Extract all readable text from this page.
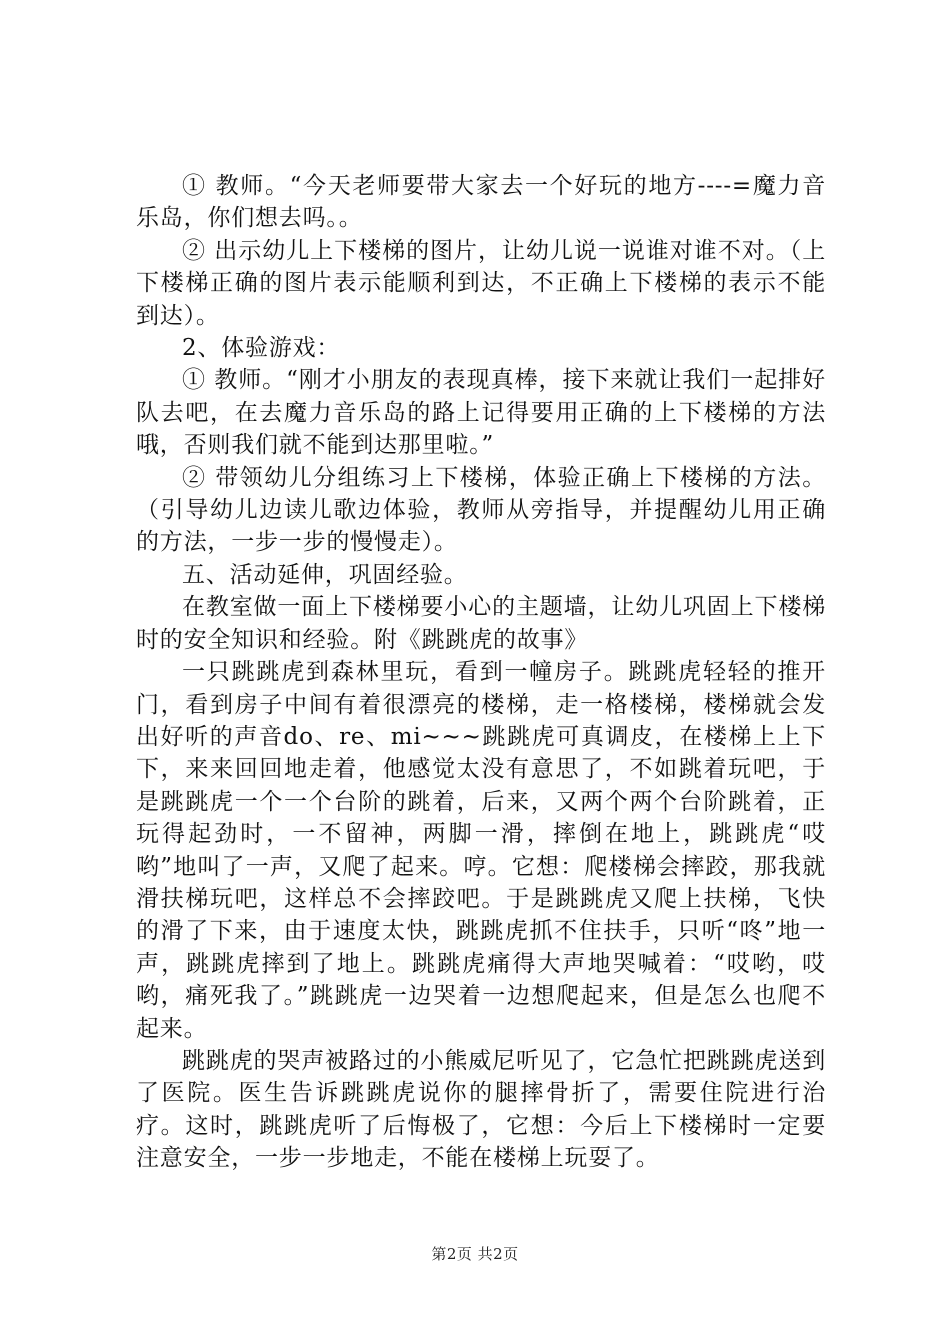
① 教师。“今天老师要带大家去一个好玩的地方----=魔力音乐岛，你们想去吗。。

② 出示幼儿上下楼梯的图片，让幼儿说一说谁对谁不对。（上下楼梯正确的图片表示能顺利到达，不正确上下楼梯的表示不能到达）。

2、体验游戏：

① 教师。“刚才小朋友的表现真棒，接下来就让我们一起排好队去吧，在去魔力音乐岛的路上记得要用正确的上下楼梯的方法哦，否则我们就不能到达那里啦。”

② 带领幼儿分组练习上下楼梯，体验正确上下楼梯的方法。（引导幼儿边读儿歌边体验，教师从旁指导，并提醒幼儿用正确的方法，一步一步的慢慢走）。

五、活动延伸，巩固经验。

在教室做一面上下楼梯要小心的主题墙，让幼儿巩固上下楼梯时的安全知识和经验。附《跳跳虎的故事》

一只跳跳虎到森林里玩，看到一幢房子。跳跳虎轻轻的推开门，看到房子中间有着很漂亮的楼梯，走一格楼梯，楼梯就会发出好听的声音do、re、mi~~~跳跳虎可真调皮，在楼梯上上下下，来来回回地走着，他感觉太没有意思了，不如跳着玩吧，于是跳跳虎一个一个台阶的跳着，后来，又两个两个台阶跳着，正玩得起劲时，一不留神，两脚一滑，摔倒在地上，跳跳虎“哎哟”地叫了一声，又爬了起来。哼。它想：爬楼梯会摔跤，那我就滑扶梯玩吧，这样总不会摔跤吧。于是跳跳虎又爬上扶梯，飞快的滑了下来，由于速度太快，跳跳虎抓不住扶手，只听“咚”地一声，跳跳虎摔到了地上。跳跳虎痛得大声地哭喊着：“哎哟，哎哟，痛死我了。”跳跳虎一边哭着一边想爬起来，但是怎么也爬不起来。

跳跳虎的哭声被路过的小熊威尼听见了，它急忙把跳跳虎送到了医院。医生告诉跳跳虎说你的腿摔骨折了，需要住院进行治疗。这时，跳跳虎听了后悔极了，它想：今后上下楼梯时一定要注意安全，一步一步地走，不能在楼梯上玩耍了。

第2页 共2页
